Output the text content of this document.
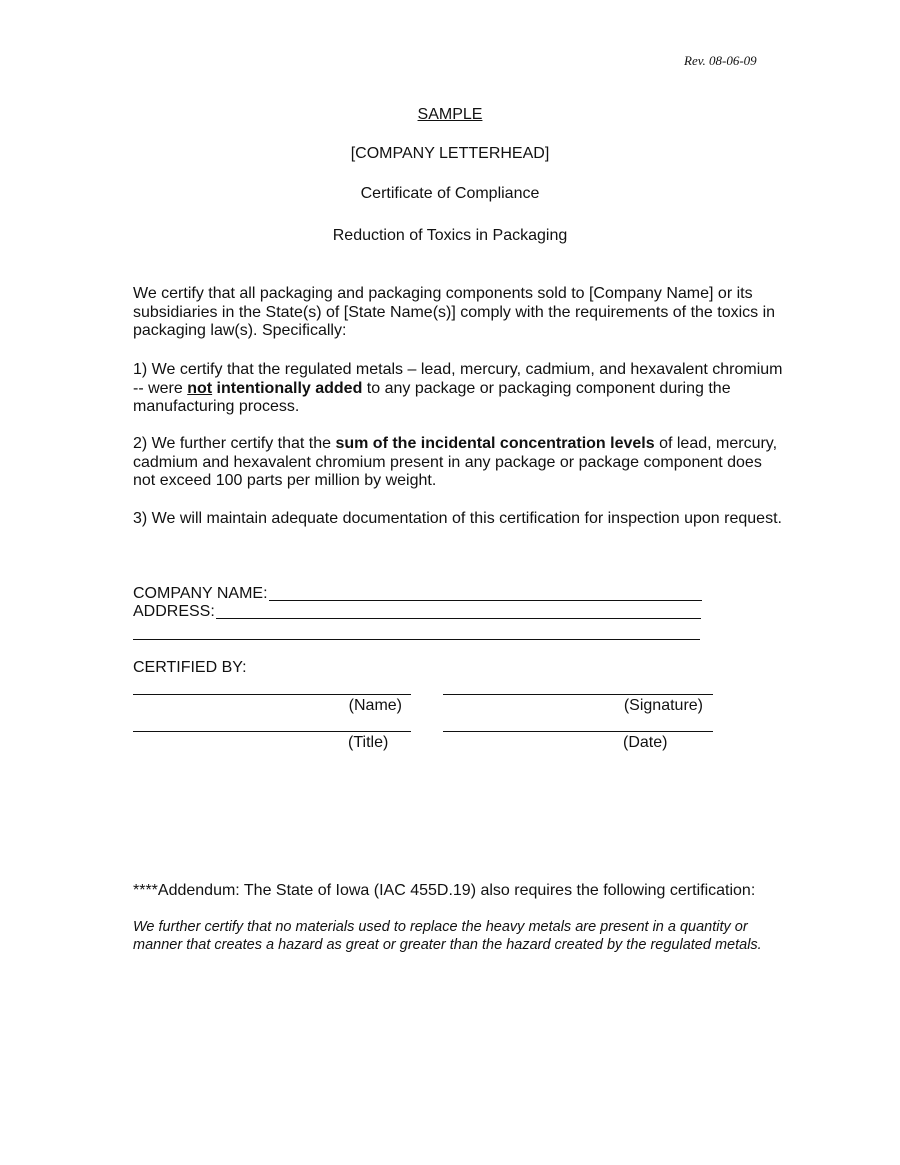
Rev. 08-06-09
SAMPLE
[COMPANY LETTERHEAD]
Certificate of Compliance
Reduction of Toxics in Packaging
We certify that all packaging and packaging components sold to [Company Name] or its subsidiaries in the State(s) of [State Name(s)] comply with the requirements of the toxics in packaging law(s). Specifically:
1) We certify that the regulated metals – lead, mercury, cadmium, and hexavalent chromium -- were not intentionally added to any package or packaging component during the manufacturing process.
2) We further certify that the sum of the incidental concentration levels of lead, mercury, cadmium and hexavalent chromium present in any package or package component does not exceed 100 parts per million by weight.
3) We will maintain adequate documentation of this certification for inspection upon request.
COMPANY NAME:
ADDRESS:
CERTIFIED BY:
(Name)	(Signature)
(Title)	(Date)
****Addendum: The State of Iowa (IAC 455D.19) also requires the following certification:
We further certify that no materials used to replace the heavy metals are present in a quantity or manner that creates a hazard as great or greater than the hazard created by the regulated metals.
